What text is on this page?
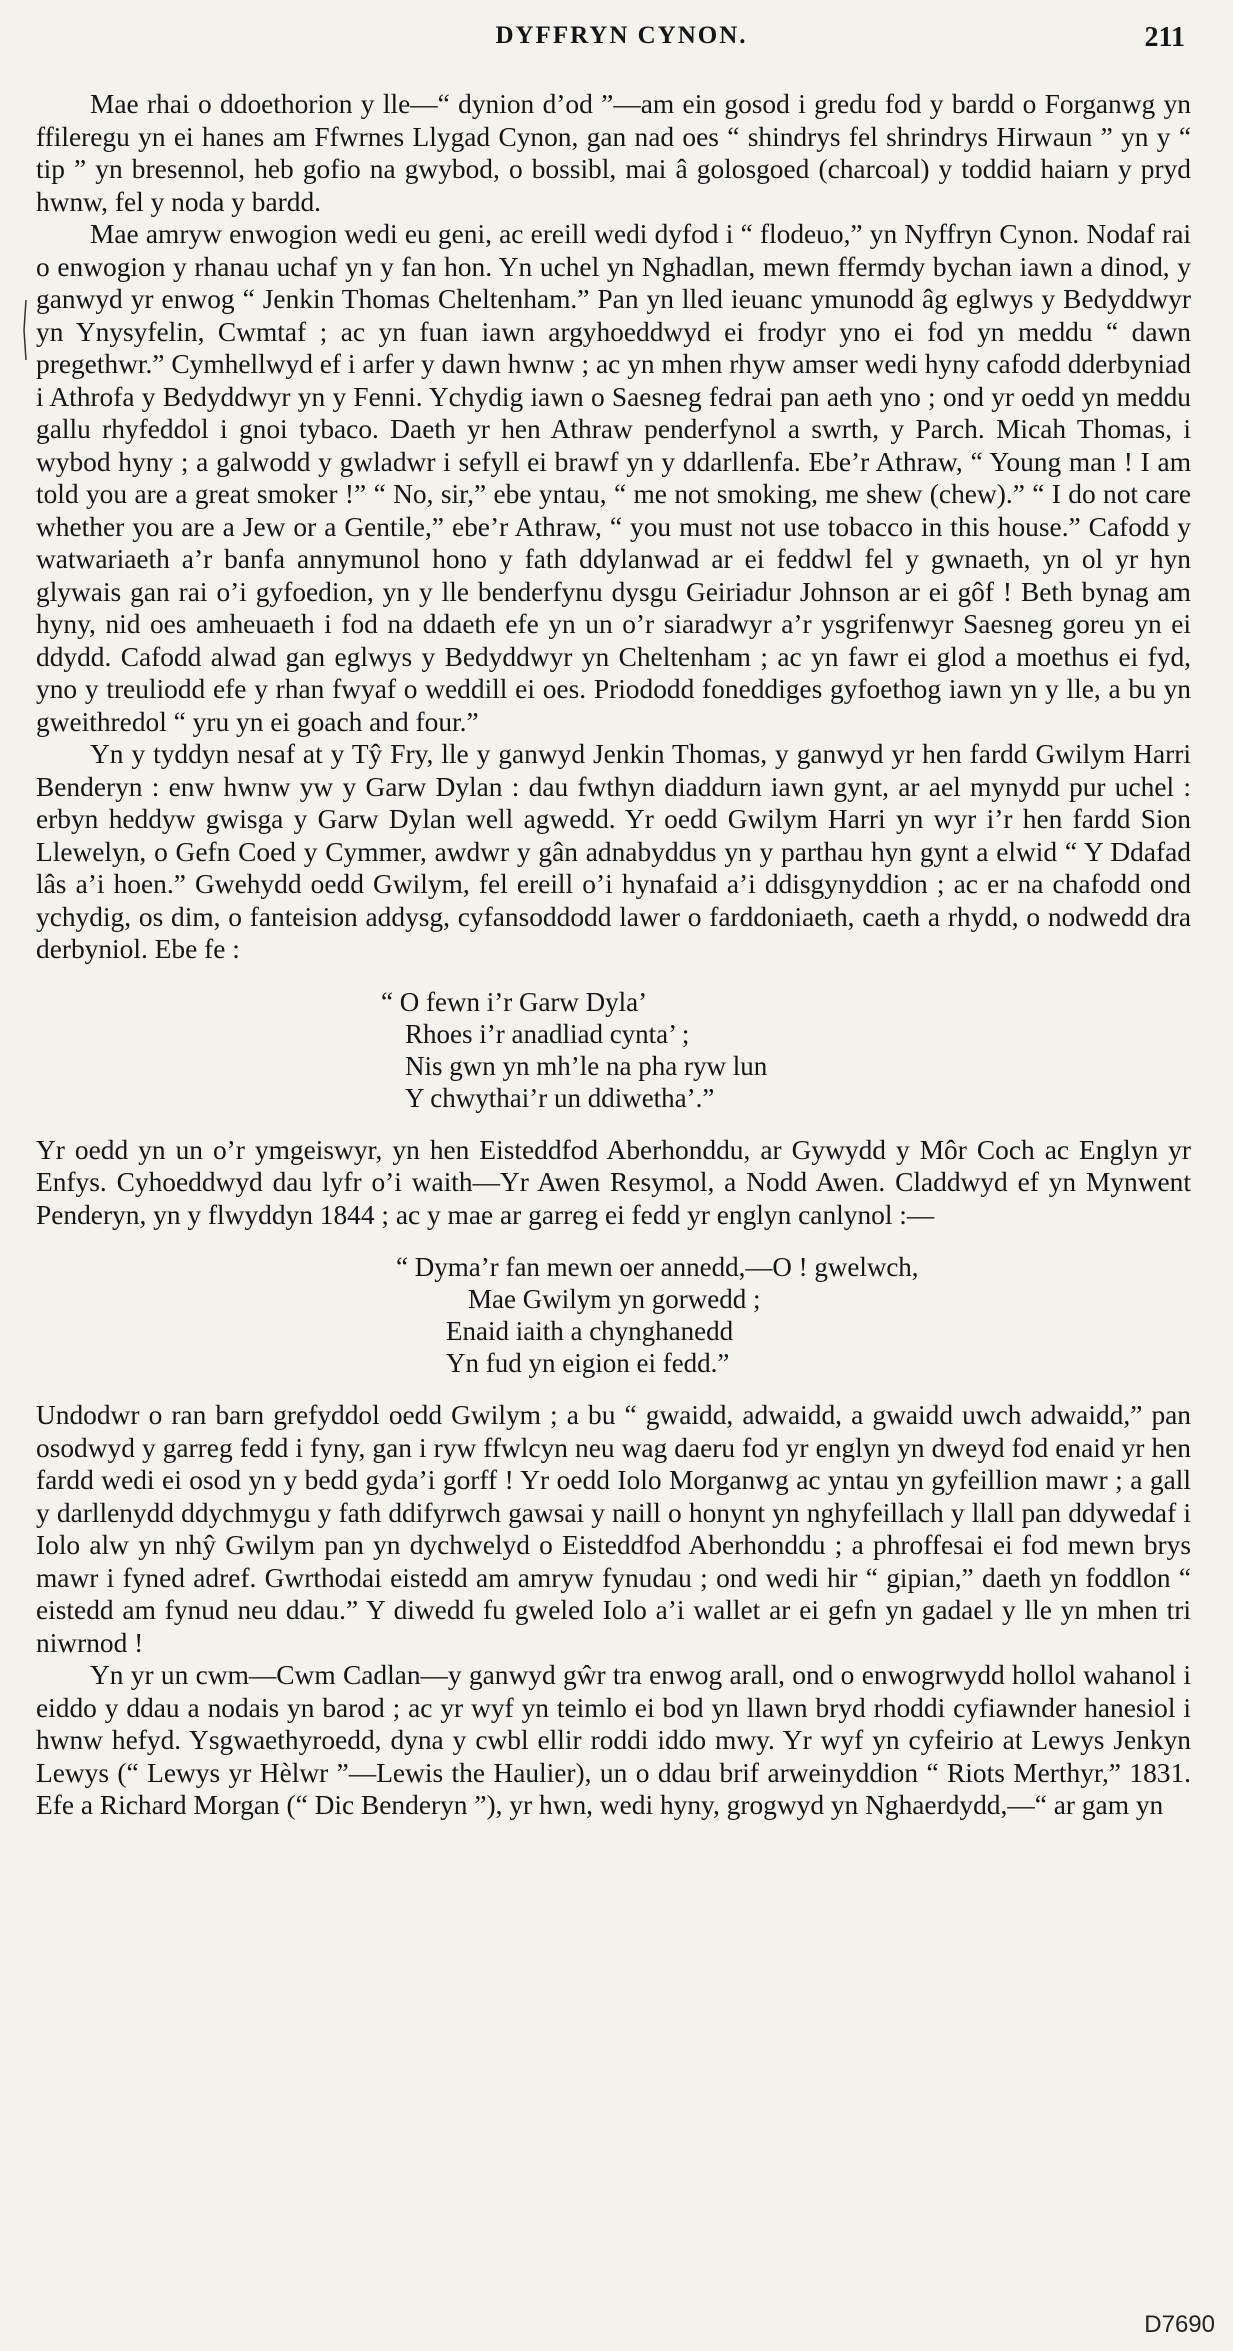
DYFFRYN CYNON.	211

Mae rhai o ddoethorion y lle—“ dynion d’od ”—am ein gosod i gredu fod y bardd o Forganwg yn ffileregu yn ei hanes am Ffwrnes Llygad Cynon, gan nad oes “ shindrys fel shrindrys Hirwaun ” yn y “ tip ” yn bresennol, heb gofio na gwybod, o bossibl, mai â golosgoed (charcoal) y toddid haiarn y pryd hwnw, fel y noda y bardd.

Mae amryw enwogion wedi eu geni, ac ereill wedi dyfod i “ flodeuo,” yn Nyffryn Cynon. Nodaf rai o enwogion y rhanau uchaf yn y fan hon. Yn uchel yn Nghadlan, mewn ffermdy bychan iawn a dinod, y ganwyd yr enwog “ Jenkin Thomas Cheltenham.” Pan yn lled ieuanc ymunodd âg eglwys y Bedyddwyr yn Ynysyfelin, Cwmtaf ; ac yn fuan iawn argyhoeddwyd ei frodyr yno ei fod yn meddu “ dawn pregethwr.” Cymhellwyd ef i arfer y dawn hwnw ; ac yn mhen rhyw amser wedi hyny cafodd dderbyniad i Athrofa y Bedyddwyr yn y Fenni. Ychydig iawn o Saesneg fedrai pan aeth yno ; ond yr oedd yn meddu gallu rhyfeddol i gnoi tybaco. Daeth yr hen Athraw penderfynol a swrth, y Parch. Micah Thomas, i wybod hyny ; a galwodd y gwladwr i sefyll ei brawf yn y ddarllenfa. Ebe’r Athraw, “ Young man ! I am told you are a great smoker !” “ No, sir,” ebe yntau, “ me not smoking, me shew (chew).” “ I do not care whether you are a Jew or a Gentile,” ebe’r Athraw, “ you must not use tobacco in this house.” Cafodd y watwariaeth a’r banfa annymunol hono y fath ddylanwad ar ei feddwl fel y gwnaeth, yn ol yr hyn glywais gan rai o’i gyfoedion, yn y lle benderfynu dysgu Geiriadur Johnson ar ei gôf ! Beth bynag am hyny, nid oes amheuaeth i fod na ddaeth efe yn un o’r siaradwyr a’r ysgrifenwyr Saesneg goreu yn ei ddydd. Cafodd alwad gan eglwys y Bedyddwyr yn Cheltenham ; ac yn fawr ei glod a moethus ei fyd, yno y treuliodd efe y rhan fwyaf o weddill ei oes. Priododd foneddiges gyfoethog iawn yn y lle, a bu yn gweithredol “ yru yn ei goach and four.”

Yn y tyddyn nesaf at y Tŷ Fry, lle y ganwyd Jenkin Thomas, y ganwyd yr hen fardd Gwilym Harri Benderyn : enw hwnw yw y Garw Dylan : dau fwthyn diaddurn iawn gynt, ar ael mynydd pur uchel : erbyn heddyw gwisga y Garw Dylan well agwedd. Yr oedd Gwilym Harri yn wyr i’r hen fardd Sion Llewelyn, o Gefn Coed y Cymmer, awdwr y gân adnabyddus yn y parthau hyn gynt a elwid “ Y Ddafad lâs a’i hoen.” Gwehydd oedd Gwilym, fel ereill o’i hynafaid a’i ddisgynyddion ; ac er na chafodd ond ychydig, os dim, o fanteision addysg, cyfansoddodd lawer o farddoniaeth, caeth a rhydd, o nodwedd dra derbyniol. Ebe fe :

“ O fewn i’r Garw Dyla’
Rhoes i’r anadliad cynta’ ;
Nis gwn yn mh’le na pha ryw lun
Y chwythai’r un ddiwetha’.”

Yr oedd yn un o’r ymgeiswyr, yn hen Eisteddfod Aberhonddu, ar Gywydd y Môr Coch ac Englyn yr Enfys. Cyhoeddwyd dau lyfr o’i waith—Yr Awen Resymol, a Nodd Awen. Claddwyd ef yn Mynwent Penderyn, yn y flwyddyn 1844 ; ac y mae ar garreg ei fedd yr englyn canlynol :—

“ Dyma’r fan mewn oer annedd,—O ! gwelwch,
Mae Gwilym yn gorwedd ;
Enaid iaith a chynghanedd
Yn fud yn eigion ei fedd.”

Undodwr o ran barn grefyddol oedd Gwilym ; a bu “ gwaidd, adwaidd, a gwaidd uwch adwaidd,” pan osodwyd y garreg fedd i fyny, gan i ryw ffwlcyn neu wag daeru fod yr englyn yn dweyd fod enaid yr hen fardd wedi ei osod yn y bedd gyda’i gorff ! Yr oedd Iolo Morganwg ac yntau yn gyfeillion mawr ; a gall y darllenydd ddychmygu y fath ddifyrwch gawsai y naill o honynt yn nghyfeillach y llall pan ddywedaf i Iolo alw yn nhŷ Gwilym pan yn dychwelyd o Eisteddfod Aberhonddu ; a phroffesai ei fod mewn brys mawr i fyned adref. Gwrthodai eistedd am amryw fynudau ; ond wedi hir “ gipian,” daeth yn foddlon “ eistedd am fynud neu ddau.” Y diwedd fu gweled Iolo a’i wallet ar ei gefn yn gadael y lle yn mhen tri niwrnod !

Yn yr un cwm—Cwm Cadlan—y ganwyd gŵr tra enwog arall, ond o enwogrwydd hollol wahanol i eiddo y ddau a nodais yn barod ; ac yr wyf yn teimlo ei bod yn llawn bryd rhoddi cyfiawnder hanesiol i hwnw hefyd. Ysgwaethyroedd, dyna y cwbl ellir roddi iddo mwy. Yr wyf yn cyfeirio at Lewys Jenkyn Lewys (“ Lewys yr Hèlwr ”—Lewis the Haulier), un o ddau brif arweinyddion “ Riots Merthyr,” 1831. Efe a Richard Morgan (“ Dic Benderyn ”), yr hwn, wedi hyny, grogwyd yn Nghaerdydd,—“ ar gam yn

D7690
